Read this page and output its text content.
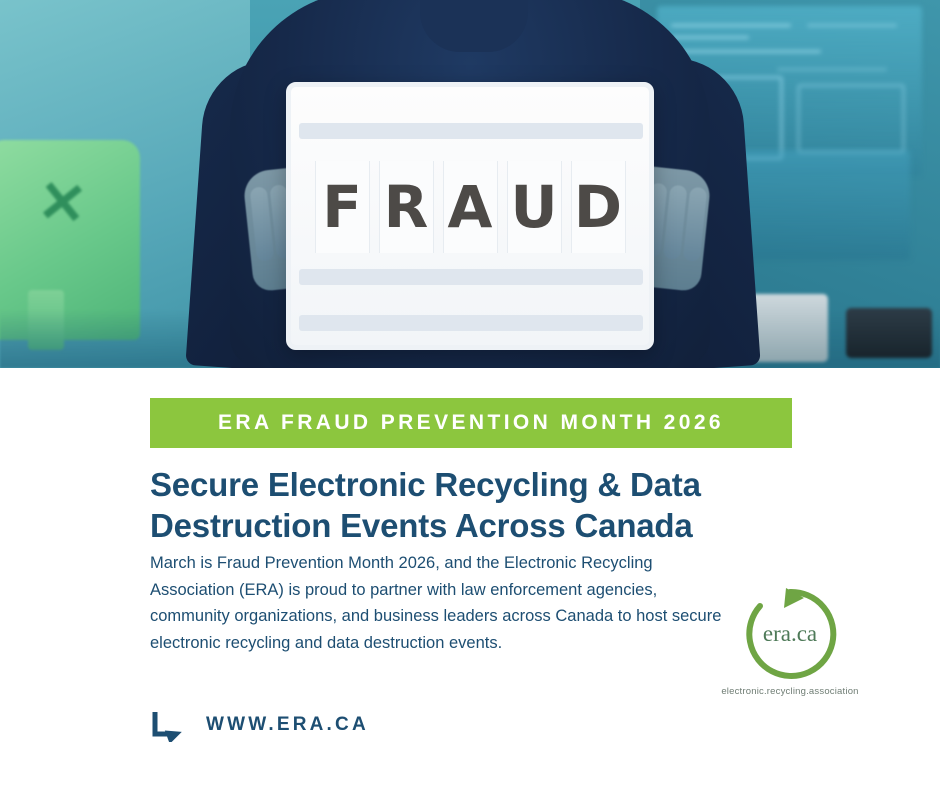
✕	F R A U D
ERA FRAUD PREVENTION MONTH 2026
Secure Electronic Recycling & Data Destruction Events Across Canada
March is Fraud Prevention Month 2026, and the Electronic Recycling Association (ERA) is proud to partner with law enforcement agencies, community organizations, and business leaders across Canada to host secure electronic recycling and data destruction events.	era.ca
electronic.recycling.association
WWW.ERA.CA
